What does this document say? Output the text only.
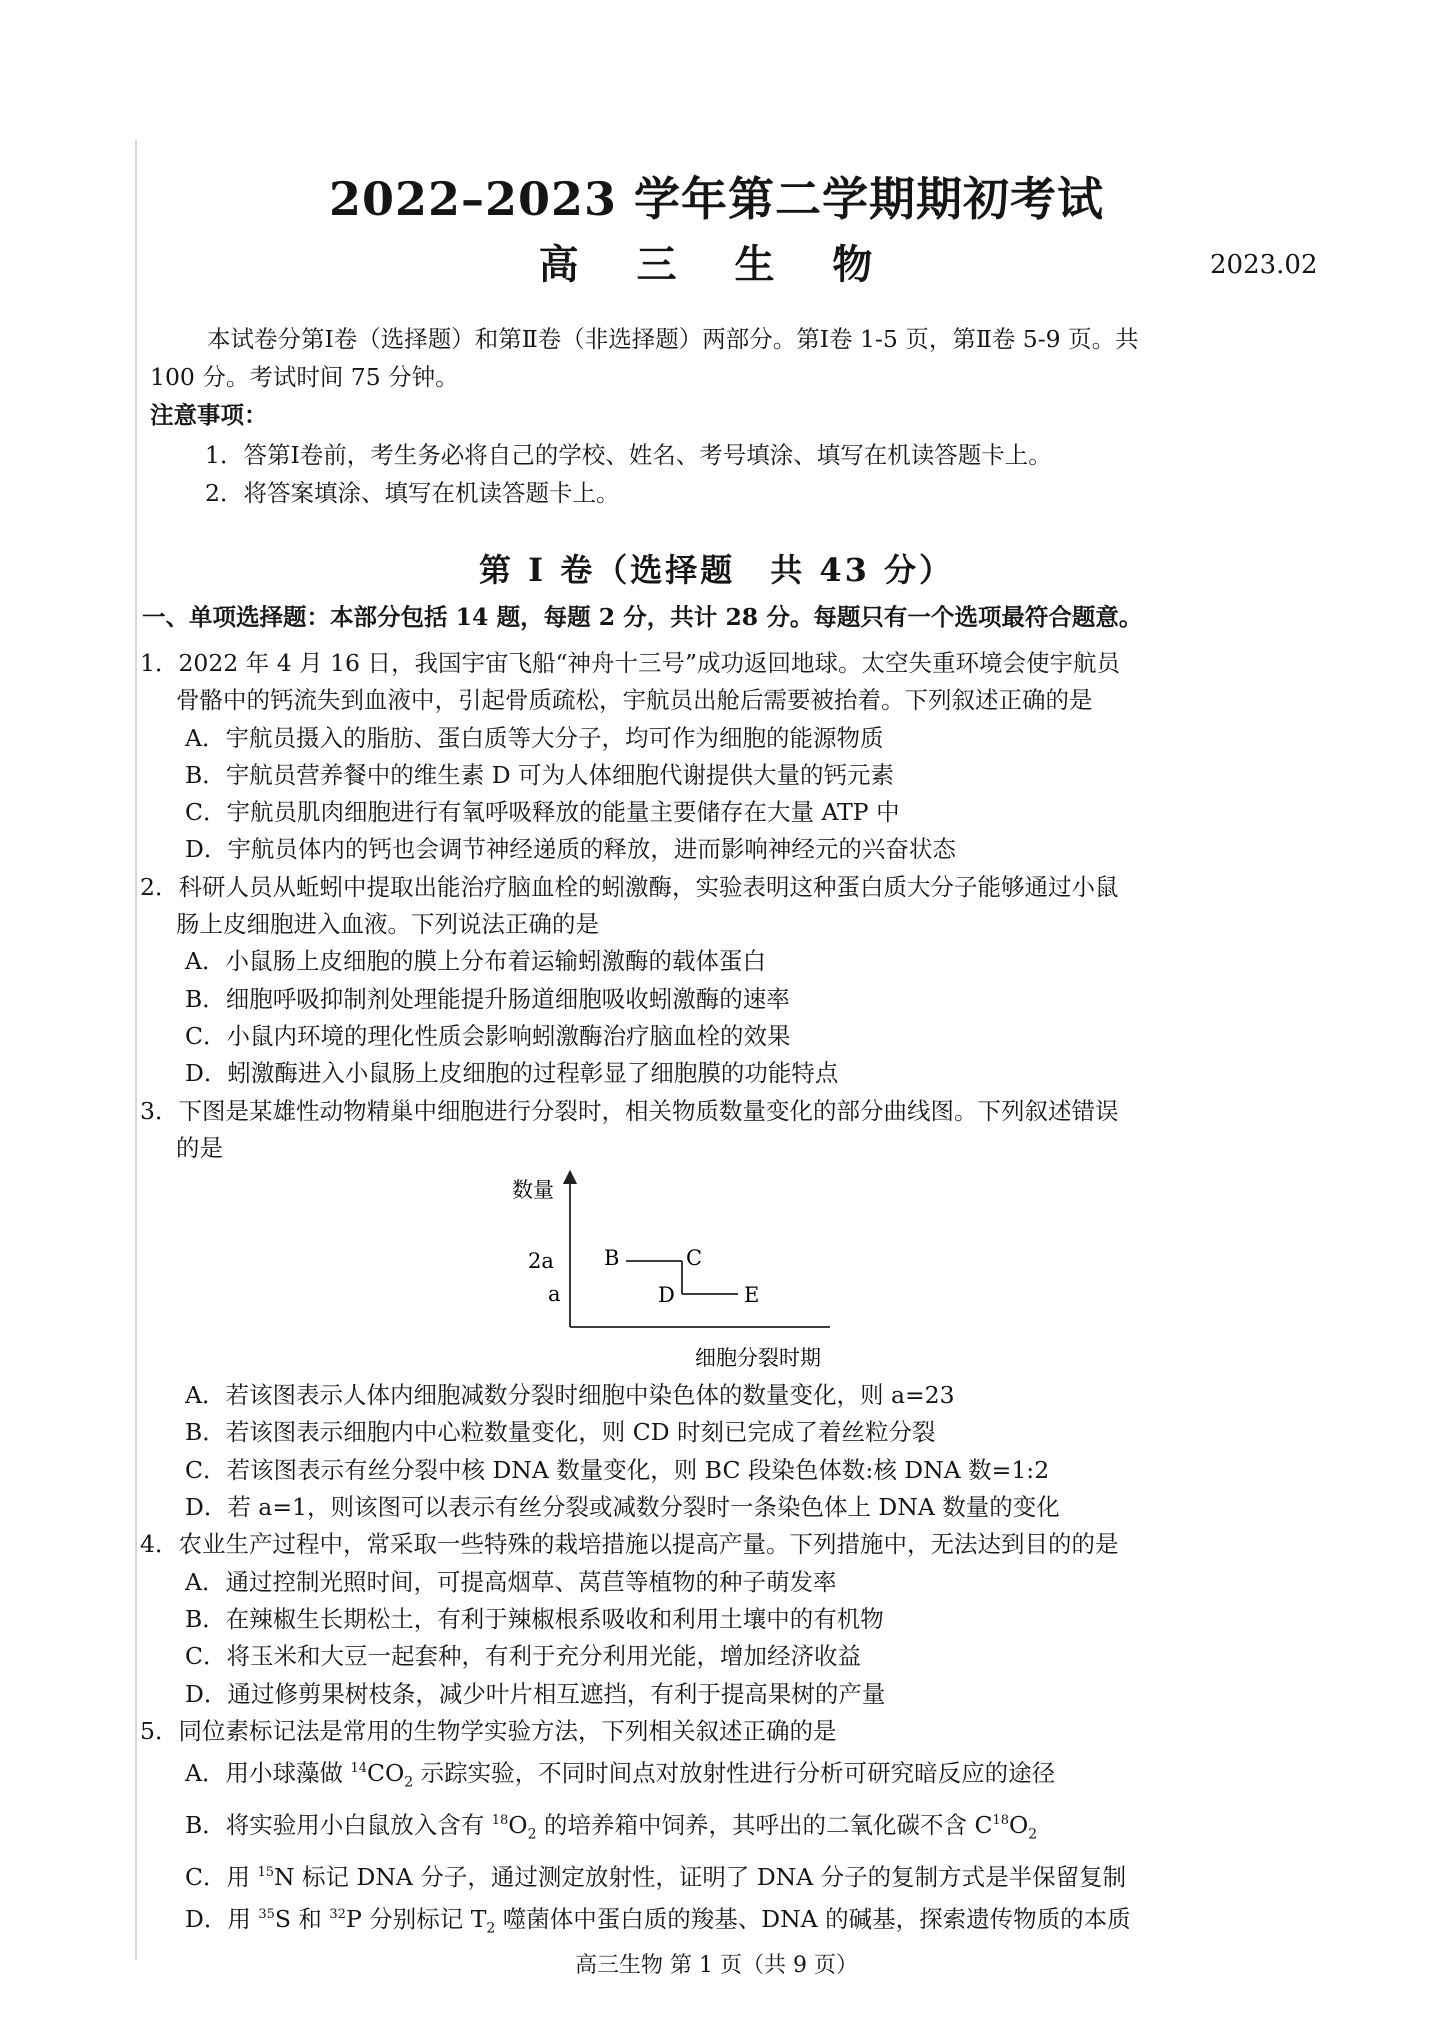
2022–2023 学年第二学期期初考试
高 三 生 物	2023.02

本试卷分第Ⅰ卷（选择题）和第Ⅱ卷（非选择题）两部分。第Ⅰ卷 1-5 页，第Ⅱ卷 5-9 页。共

100 分。考试时间 75 分钟。

注意事项：

1．答第Ⅰ卷前，考生务必将自己的学校、姓名、考号填涂、填写在机读答题卡上。
2．将答案填涂、填写在机读答题卡上。
第 Ⅰ 卷（选择题　共 43 分）
一、单项选择题：本部分包括 14 题，每题 2 分，共计 28 分。每题只有一个选项最符合题意。
1．2022 年 4 月 16 日，我国宇宙飞船“神舟十三号”成功返回地球。太空失重环境会使宇航员
骨骼中的钙流失到血液中，引起骨质疏松，宇航员出舱后需要被抬着。下列叙述正确的是
A．宇航员摄入的脂肪、蛋白质等大分子，均可作为细胞的能源物质
B．宇航员营养餐中的维生素 D 可为人体细胞代谢提供大量的钙元素
C．宇航员肌肉细胞进行有氧呼吸释放的能量主要储存在大量 ATP 中
D．宇航员体内的钙也会调节神经递质的释放，进而影响神经元的兴奋状态
2．科研人员从蚯蚓中提取出能治疗脑血栓的蚓激酶，实验表明这种蛋白质大分子能够通过小鼠
肠上皮细胞进入血液。下列说法正确的是
A．小鼠肠上皮细胞的膜上分布着运输蚓激酶的载体蛋白
B．细胞呼吸抑制剂处理能提升肠道细胞吸收蚓激酶的速率
C．小鼠内环境的理化性质会影响蚓激酶治疗脑血栓的效果
D．蚓激酶进入小鼠肠上皮细胞的过程彰显了细胞膜的功能特点
3．下图是某雄性动物精巢中细胞进行分裂时，相关物质数量变化的部分曲线图。下列叙述错误
的是
数量
细胞分裂时期
a
2a B	C
D	E
A．若该图表示人体内细胞减数分裂时细胞中染色体的数量变化，则 a=23
B．若该图表示细胞内中心粒数量变化，则 CD 时刻已完成了着丝粒分裂
C．若该图表示有丝分裂中核 DNA 数量变化，则 BC 段染色体数:核 DNA 数=1:2
D．若 a=1，则该图可以表示有丝分裂或减数分裂时一条染色体上 DNA 数量的变化
4．农业生产过程中，常采取一些特殊的栽培措施以提高产量。下列措施中，无法达到目的的是
A．通过控制光照时间，可提高烟草、莴苣等植物的种子萌发率
B．在辣椒生长期松土，有利于辣椒根系吸收和利用土壤中的有机物
C．将玉米和大豆一起套种，有利于充分利用光能，增加经济收益
D．通过修剪果树枝条，减少叶片相互遮挡，有利于提高果树的产量
5．同位素标记法是常用的生物学实验方法，下列相关叙述正确的是
A．用小球藻做 $^{14}CO_2$ 示踪实验，不同时间点对放射性进行分析可研究暗反应的途径
B．将实验用小白鼠放入含有 $^{18}O_2$ 的培养箱中饲养，其呼出的二氧化碳不含 $C^{18}O_2$
C．用 $^{15}$N 标记 DNA 分子，通过测定放射性，证明了 DNA 分子的复制方式是半保留复制
D．用 $^{35}$S 和 $^{32}$P 分别标记 $T_2$ 噬菌体中蛋白质的羧基、DNA 的碱基，探索遗传物质的本质
高三生物 第 1 页（共 9 页）
